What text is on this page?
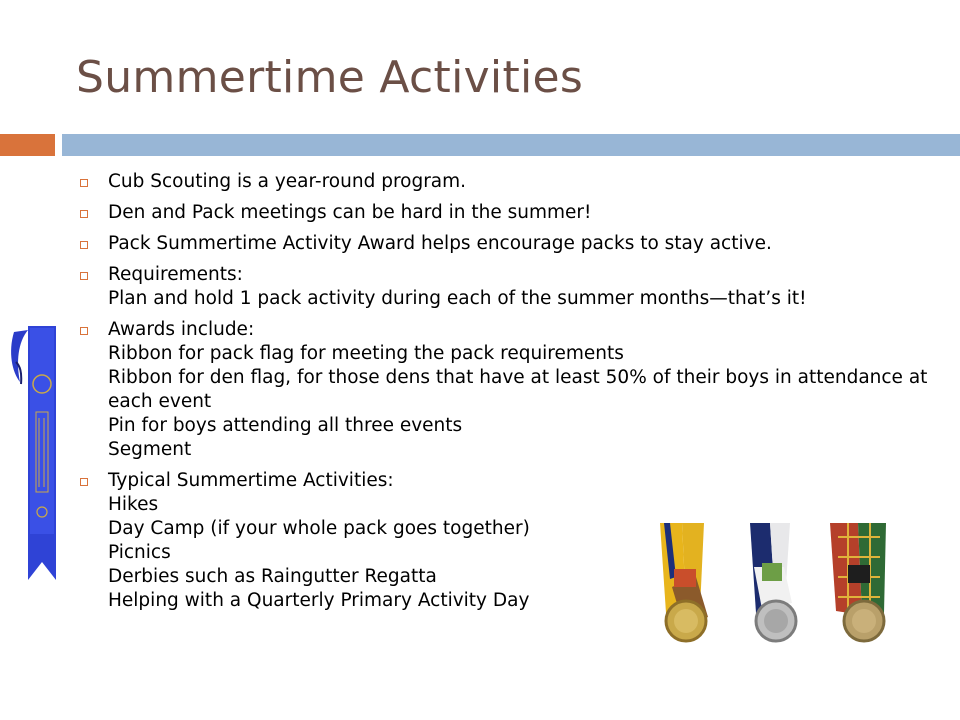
Summertime Activities
Cub Scouting is a year-round program.
Den and Pack meetings can be hard in the summer!
Pack Summertime Activity Award helps encourage packs to stay active.
Requirements:
Plan and hold 1 pack activity during each of the summer months—that’s it!
Awards include:
Ribbon for pack flag for meeting the pack requirements
Ribbon for den flag, for those dens that have at least 50% of their boys in attendance at each event
Pin for boys attending all three events
Segment
Typical Summertime Activities:
Hikes
Day Camp (if your whole pack goes together)
Picnics
Derbies such as Raingutter Regatta
Helping with a Quarterly Primary Activity Day
